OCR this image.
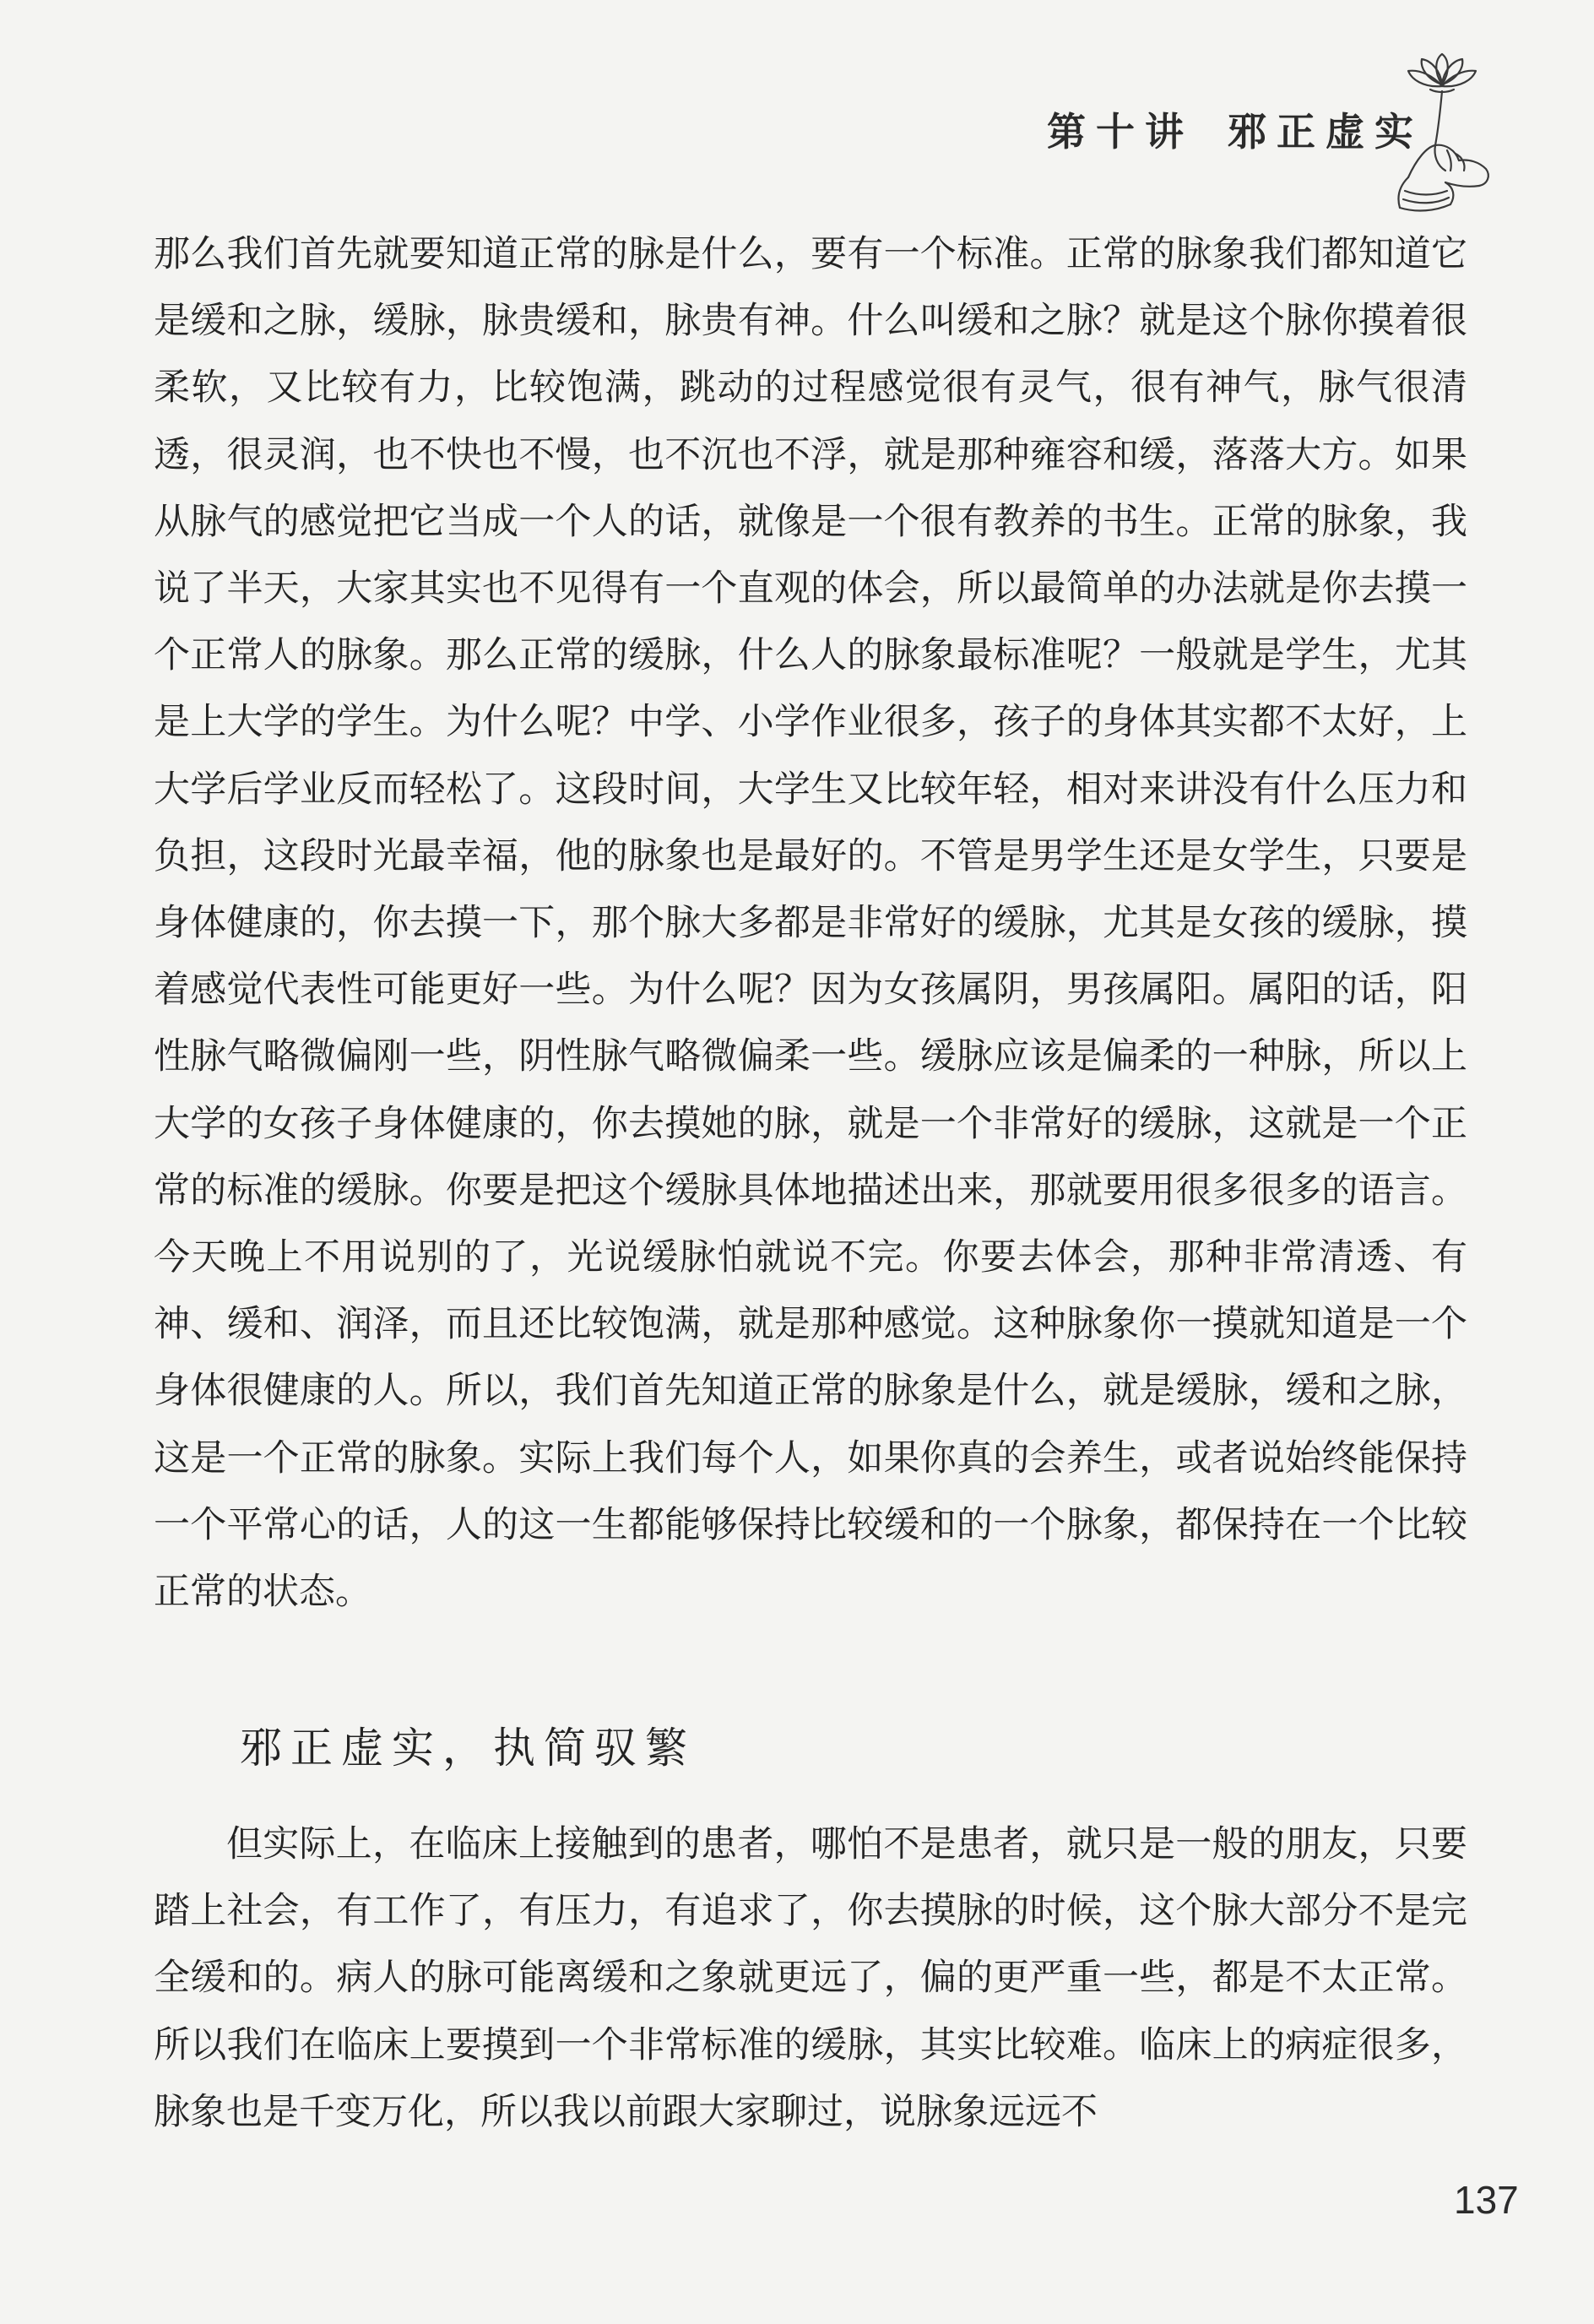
第十讲 邪正虚实

那么我们首先就要知道正常的脉是什么，要有一个标准。正常的脉象我们都知道它是缓和之脉，缓脉，脉贵缓和，脉贵有神。什么叫缓和之脉？就是这个脉你摸着很柔软，又比较有力，比较饱满，跳动的过程感觉很有灵气，很有神气，脉气很清透，很灵润，也不快也不慢，也不沉也不浮，就是那种雍容和缓，落落大方。如果从脉气的感觉把它当成一个人的话，就像是一个很有教养的书生。正常的脉象，我说了半天，大家其实也不见得有一个直观的体会，所以最简单的办法就是你去摸一个正常人的脉象。那么正常的缓脉，什么人的脉象最标准呢？一般就是学生，尤其是上大学的学生。为什么呢？中学、小学作业很多，孩子的身体其实都不太好，上大学后学业反而轻松了。这段时间，大学生又比较年轻，相对来讲没有什么压力和负担，这段时光最幸福，他的脉象也是最好的。不管是男学生还是女学生，只要是身体健康的，你去摸一下，那个脉大多都是非常好的缓脉，尤其是女孩的缓脉，摸着感觉代表性可能更好一些。为什么呢？因为女孩属阴，男孩属阳。属阳的话，阳性脉气略微偏刚一些，阴性脉气略微偏柔一些。缓脉应该是偏柔的一种脉，所以上大学的女孩子身体健康的，你去摸她的脉，就是一个非常好的缓脉，这就是一个正常的标准的缓脉。你要是把这个缓脉具体地描述出来，那就要用很多很多的语言。今天晚上不用说别的了，光说缓脉怕就说不完。你要去体会，那种非常清透、有神、缓和、润泽，而且还比较饱满，就是那种感觉。这种脉象你一摸就知道是一个身体很健康的人。所以，我们首先知道正常的脉象是什么，就是缓脉，缓和之脉，这是一个正常的脉象。实际上我们每个人，如果你真的会养生，或者说始终能保持一个平常心的话，人的这一生都能够保持比较缓和的一个脉象，都保持在一个比较正常的状态。

邪正虚实，执简驭繁
但实际上，在临床上接触到的患者，哪怕不是患者，就只是一般的朋友，只要踏上社会，有工作了，有压力，有追求了，你去摸脉的时候，这个脉大部分不是完全缓和的。病人的脉可能离缓和之象就更远了，偏的更严重一些，都是不太正常。所以我们在临床上要摸到一个非常标准的缓脉，其实比较难。临床上的病症很多，脉象也是千变万化，所以我以前跟大家聊过，说脉象远远不
137
